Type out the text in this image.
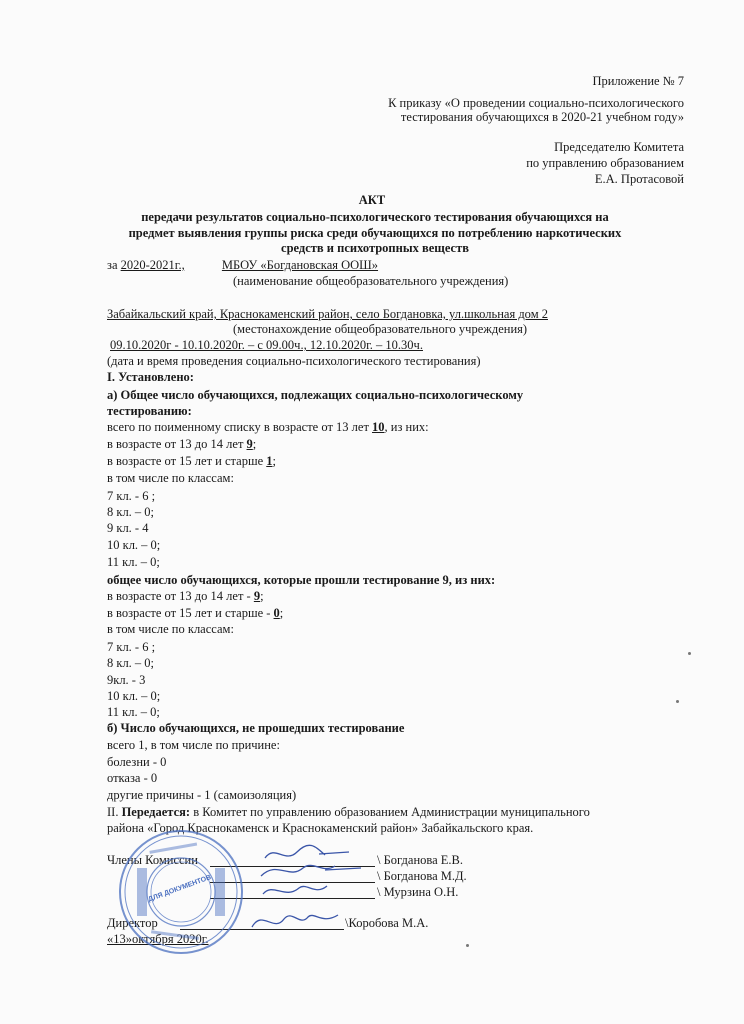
Приложение № 7
К приказу «О проведении социально-психологического
тестирования обучающихся в 2020-21 учебном году»
Председателю Комитета
по управлению образованием
Е.А. Протасовой
АКТ
передачи результатов социально-психологического тестирования обучающихся на
предмет выявления группы риска среди обучающихся по потреблению наркотических
средств и психотропных веществ
за 2020-2021г.,	МБОУ «Богдановская ООШ»
(наименование общеобразовательного учреждения)
Забайкальский край, Краснокаменский район, село Богдановка, ул.школьная дом 2
(местонахождение общеобразовательного учреждения)
09.10.2020г - 10.10.2020г. – с 09.00ч., 12.10.2020г. – 10.30ч.
(дата и время проведения социально-психологического тестирования)
I. Установлено:
а) Общее число обучающихся, подлежащих социально-психологическому
тестированию:
всего по поименному списку в возрасте от 13 лет 10, из них:
в возрасте от 13 до 14 лет 9;
в возрасте от 15 лет и старше 1;
в том числе по классам:
7 кл. - 6 ;
8 кл. – 0;
9 кл. - 4
10 кл. – 0;
11 кл. – 0;
общее число обучающихся, которые прошли тестирование 9, из них:
в возрасте от 13 до 14 лет - 9;
в возрасте от 15 лет и старше - 0;
в том числе по классам:
7 кл. - 6 ;
8 кл. – 0;
9кл. - 3
10 кл. – 0;
11 кл. – 0;
б) Число обучающихся, не прошедших тестирование
всего 1, в том числе по причине:
болезни - 0
отказа - 0
другие причины - 1 (самоизоляция)
II. Передается: в Комитет по управлению образованием Администрации муниципального
района «Город Краснокаменск и Краснокаменский район» Забайкальского края.
Члены Комиссии	\ Богданова Е.В.
\ Богданова М.Д.
\ Мурзина О.Н.
Директор	\Коробова М.А.
«13»октября 2020г.
ДЛЯ ДОКУМЕНТОВ
